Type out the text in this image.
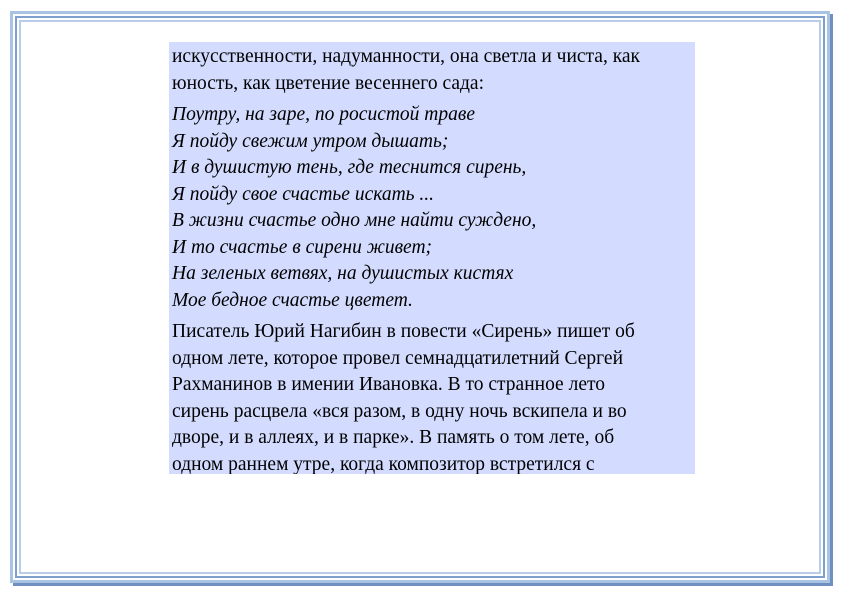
искусственности, надуманности, она светла и чиста, как
юность, как цветение весеннего сада:

Поутру, на заре, по росистой траве
Я пойду свежим утром дышать;
И в душистую тень, где теснится сирень,
Я пойду свое счастье искать ...
В жизни счастье одно мне найти суждено,
И то счастье в сирени живет;
На зеленых ветвях, на душистых кистях
Мое бедное счастье цветет.

Писатель Юрий Нагибин в повести «Сирень» пишет об
одном лете, которое провел семнадцатилетний Сергей
Рахманинов в имении Ивановка. В то странное лето
сирень расцвела «вся разом, в одну ночь вскипела и во
дворе, и в аллеях, и в парке». В память о том лете, об
одном раннем утре, когда композитор встретился с
